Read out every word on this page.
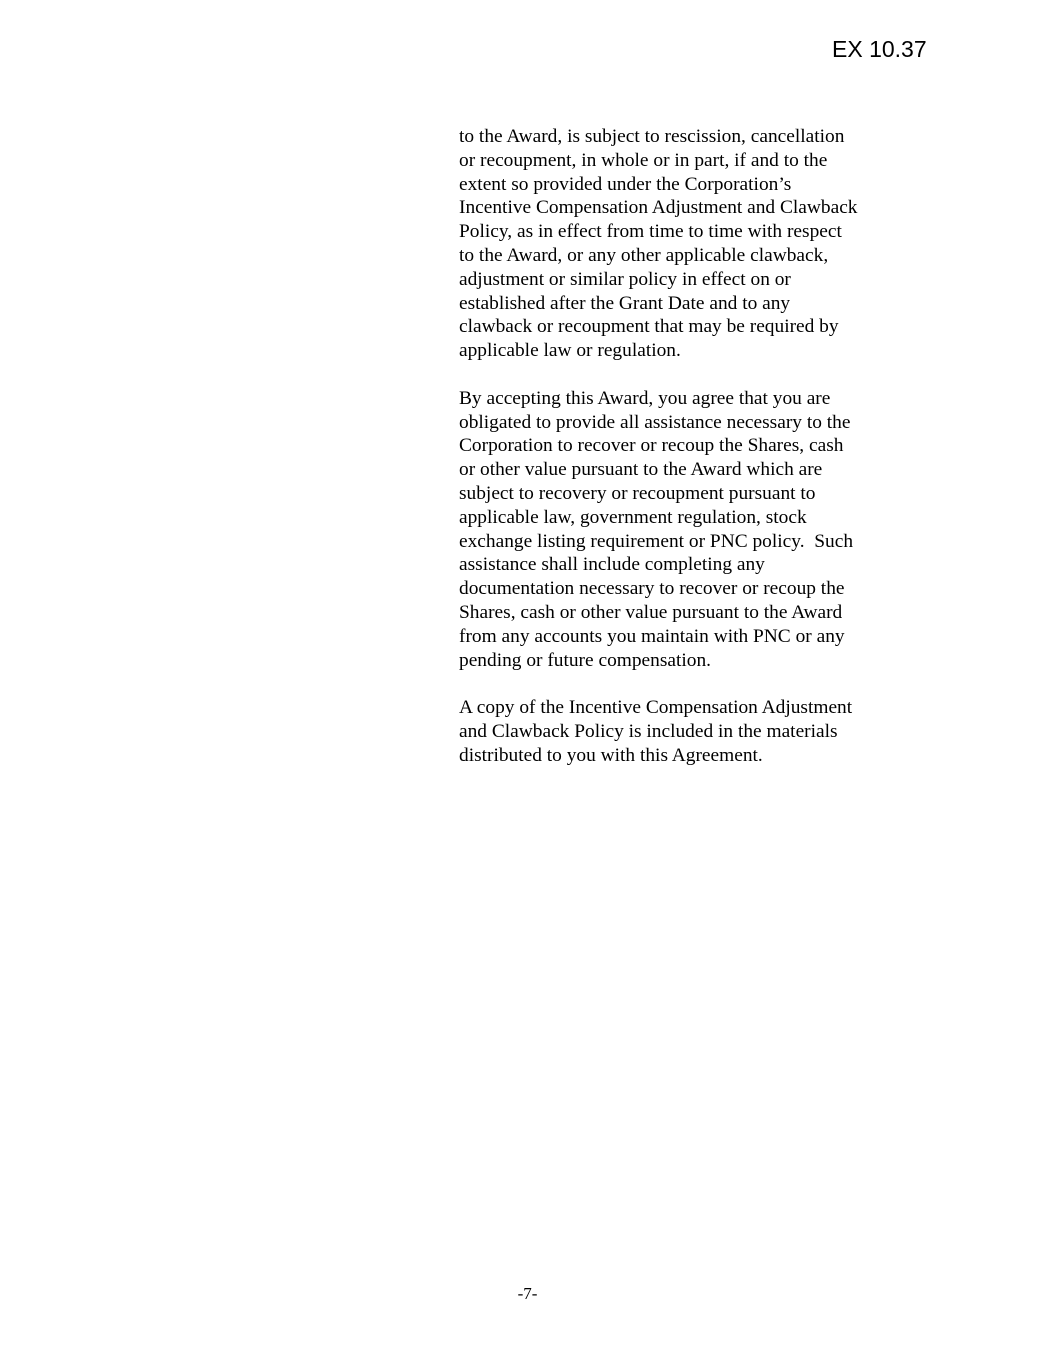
EX 10.37

to the Award, is subject to rescission, cancellation
or recoupment, in whole or in part, if and to the
extent so provided under the Corporation’s
Incentive Compensation Adjustment and Clawback
Policy, as in effect from time to time with respect
to the Award, or any other applicable clawback,
adjustment or similar policy in effect on or
established after the Grant Date and to any
clawback or recoupment that may be required by
applicable law or regulation.

By accepting this Award, you agree that you are
obligated to provide all assistance necessary to the
Corporation to recover or recoup the Shares, cash
or other value pursuant to the Award which are
subject to recovery or recoupment pursuant to
applicable law, government regulation, stock
exchange listing requirement or PNC policy.  Such
assistance shall include completing any
documentation necessary to recover or recoup the
Shares, cash or other value pursuant to the Award
from any accounts you maintain with PNC or any
pending or future compensation.

A copy of the Incentive Compensation Adjustment
and Clawback Policy is included in the materials
distributed to you with this Agreement.

-7-
